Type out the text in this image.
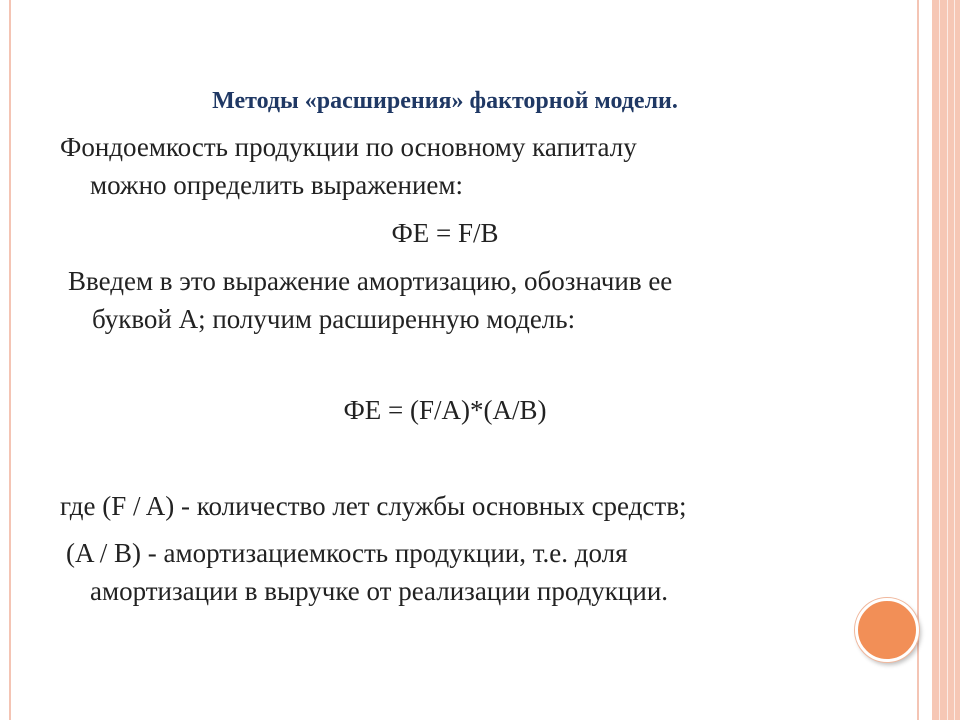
Методы «расширения» факторной модели.
Фондоемкость продукции по основному капиталу
можно определить выражением:
ФЕ = F/B
Введем в это выражение амортизацию, обозначив ее
буквой А; получим расширенную модель:
ФЕ = (F/A)*(A/B)
где (F / A) - количество лет службы основных средств;
(A / B) - амортизациемкость продукции, т.е. доля
амортизации в выручке от реализации продукции.
